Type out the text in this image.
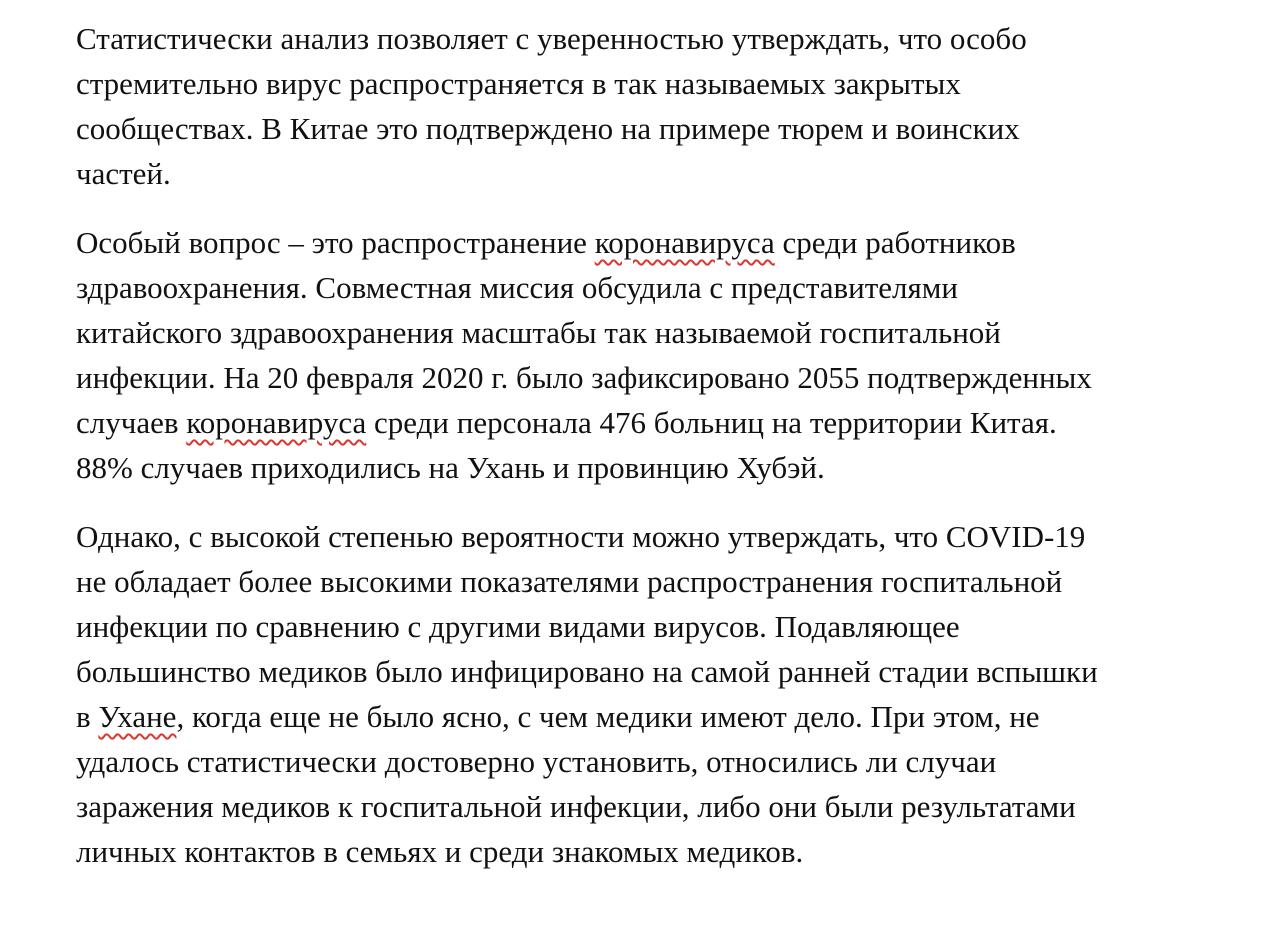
Статистически анализ позволяет с уверенностью утверждать, что особо
стремительно вирус распространяется в так называемых закрытых
сообществах. В Китае это подтверждено на примере тюрем и воинских
частей.

Особый вопрос – это распространение коронавируса среди работников
здравоохранения. Совместная миссия обсудила с представителями
китайского здравоохранения масштабы так называемой госпитальной
инфекции. На 20 февраля 2020 г. было зафиксировано 2055 подтвержденных
случаев коронавируса среди персонала 476 больниц на территории Китая.
88% случаев приходились на Ухань и провинцию Хубэй.

Однако, с высокой степенью вероятности можно утверждать, что COVID-19
не обладает более высокими показателями распространения госпитальной
инфекции по сравнению с другими видами вирусов. Подавляющее
большинство медиков было инфицировано на самой ранней стадии вспышки
в Ухане, когда еще не было ясно, с чем медики имеют дело. При этом, не
удалось статистически достоверно установить, относились ли случаи
заражения медиков к госпитальной инфекции, либо они были результатами
личных контактов в семьях и среди знакомых медиков.
